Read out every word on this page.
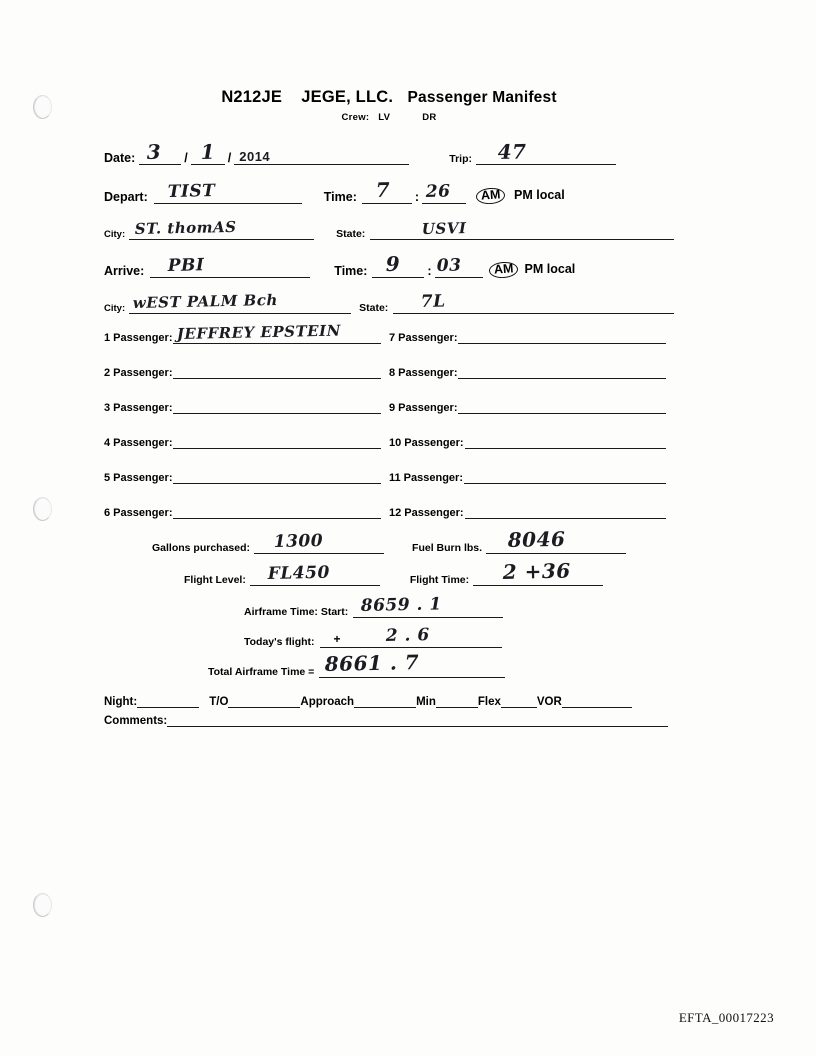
N212JE JEGE, LLC. Passenger Manifest
Crew: LV	DR
Date: 3 / 1 / 2014	Trip: 47
Depart: TIST	Time: 7 : 26	AM PM local
City: ST. thomAS	State:	USVI
Arrive: PBI	Time: 9 : 03	AM PM local
City: wEST PALM Bch	State: 7L
1 Passenger: JEFFREY EPSTEIN	7 Passenger:
2 Passenger:	8 Passenger:
3 Passenger:	9 Passenger:
4 Passenger:	10 Passenger:
5 Passenger:	11 Passenger:
6 Passenger:	12 Passenger:
Gallons purchased: 1300	Fuel Burn lbs. 8046
Flight Level: FL450	Flight Time: 2 +36
Airframe Time: Start: 8659 . 1
Today's flight: +	2 . 6
Total Airframe Time = 8661 . 7
Night:	T/O	Approach	Min	Flex	VOR
Comments:
EFTA_00017223
